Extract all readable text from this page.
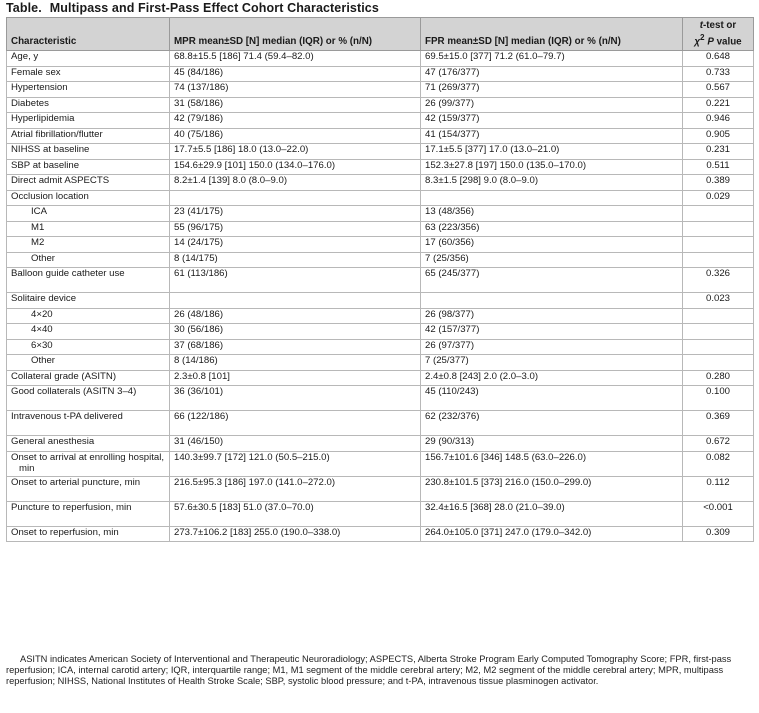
Table. Multipass and First-Pass Effect Cohort Characteristics
Characteristic	MPR mean±SD [N] median (IQR) or % (n/N)	FPR mean±SD [N] median (IQR) or % (n/N)	t-test or
$\chi^2$ P value
Age, y	68.8±15.5 [186] 71.4 (59.4–82.0)	69.5±15.0 [377] 71.2 (61.0–79.7)	0.648
Female sex	45 (84/186)	47 (176/377)	0.733
Hypertension	74 (137/186)	71 (269/377)	0.567
Diabetes	31 (58/186)	26 (99/377)	0.221
Hyperlipidemia	42 (79/186)	42 (159/377)	0.946
Atrial fibrillation/flutter	40 (75/186)	41 (154/377)	0.905
NIHSS at baseline	17.7±5.5 [186] 18.0 (13.0–22.0)	17.1±5.5 [377] 17.0 (13.0–21.0)	0.231
SBP at baseline	154.6±29.9 [101] 150.0 (134.0–176.0)	152.3±27.8 [197] 150.0 (135.0–170.0)	0.511
Direct admit ASPECTS	8.2±1.4 [139] 8.0 (8.0–9.0)	8.3±1.5 [298] 9.0 (8.0–9.0)	0.389
Occlusion location			0.029
ICA	23 (41/175)	13 (48/356)	
M1	55 (96/175)	63 (223/356)	
M2	14 (24/175)	17 (60/356)	
Other	8 (14/175)	7 (25/356)	
Balloon guide catheter use	61 (113/186)	65 (245/377)	0.326
Solitaire device			0.023
4×20	26 (48/186)	26 (98/377)	
4×40	30 (56/186)	42 (157/377)	
6×30	37 (68/186)	26 (97/377)	
Other	8 (14/186)	7 (25/377)	
Collateral grade (ASITN)	2.3±0.8 [101]	2.4±0.8 [243] 2.0 (2.0–3.0)	0.280
Good collaterals (ASITN 3–4)	36 (36/101)	45 (110/243)	0.100
Intravenous t-PA delivered	66 (122/186)	62 (232/376)	0.369
General anesthesia	31 (46/150)	29 (90/313)	0.672
Onset to arrival at enrolling hospital, min	140.3±99.7 [172] 121.0 (50.5–215.0)	156.7±101.6 [346] 148.5 (63.0–226.0)	0.082
Onset to arterial puncture, min	216.5±95.3 [186] 197.0 (141.0–272.0)	230.8±101.5 [373] 216.0 (150.0–299.0)	0.112
Puncture to reperfusion, min	57.6±30.5 [183] 51.0 (37.0–70.0)	32.4±16.5 [368] 28.0 (21.0–39.0)	<0.001
Onset to reperfusion, min	273.7±106.2 [183] 255.0 (190.0–338.0)	264.0±105.0 [371] 247.0 (179.0–342.0)	0.309
ASITN indicates American Society of Interventional and Therapeutic Neuroradiology; ASPECTS, Alberta Stroke Program Early Computed Tomography Score; FPR, first-pass reperfusion; ICA, internal carotid artery; IQR, interquartile range; M1, M1 segment of the middle cerebral artery; M2, M2 segment of the middle cerebral artery; MPR, multipass reperfusion; NIHSS, National Institutes of Health Stroke Scale; SBP, systolic blood pressure; and t-PA, intravenous tissue plasminogen activator.
